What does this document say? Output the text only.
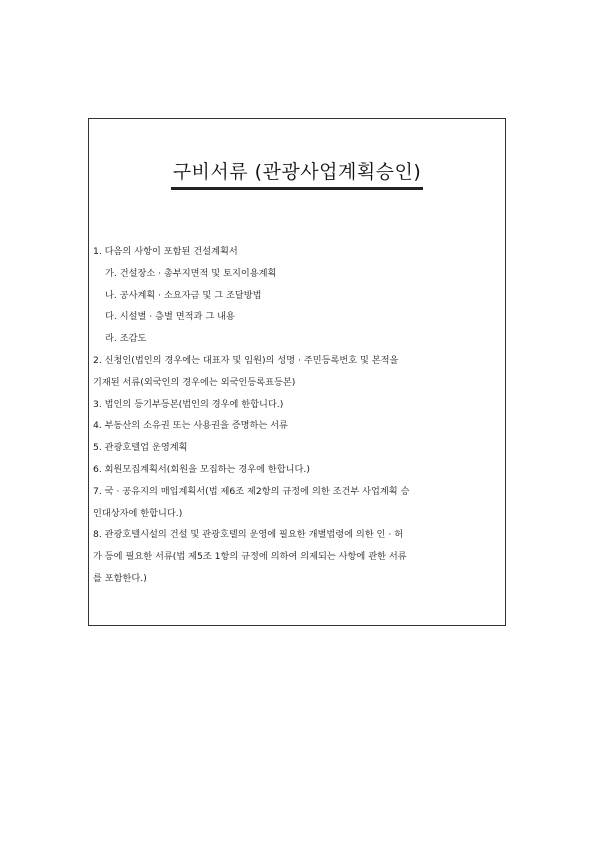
구비서류 (관광사업계획승인)
1. 다음의 사항이 포함된 건설계획서
가. 건설장소 · 총부지면적 및 토지이용계획
나. 공사계획 · 소요자금 및 그 조달방법
다. 시설별 · 층별 면적과 그 내용
라. 조감도
2. 신청인(법인의 경우에는 대표자 및 임원)의 성명 · 주민등록번호 및 본적을
기재된 서류(외국인의 경우에는 외국인등록표등본)
3. 법인의 등기부등본(법인의 경우에 한합니다.)
4. 부동산의 소유권 또는 사용권을 증명하는 서류
5. 관광호텔업 운영계획
6. 회원모집계획서(회원을 모집하는 경우에 한합니다.)
7. 국 · 공유지의 매입계획서(법 제6조 제2항의 규정에 의한 조건부 사업계획 승
인대상자에 한합니다.)
8. 관광호텔시설의 건설 및 관광호텔의 운영에 필요한 개별법령에 의한 인 · 허
가 등에 필요한 서류(법 제5조 1항의 규정에 의하여 의제되는 사항에 관한 서류
를 포함한다.)
